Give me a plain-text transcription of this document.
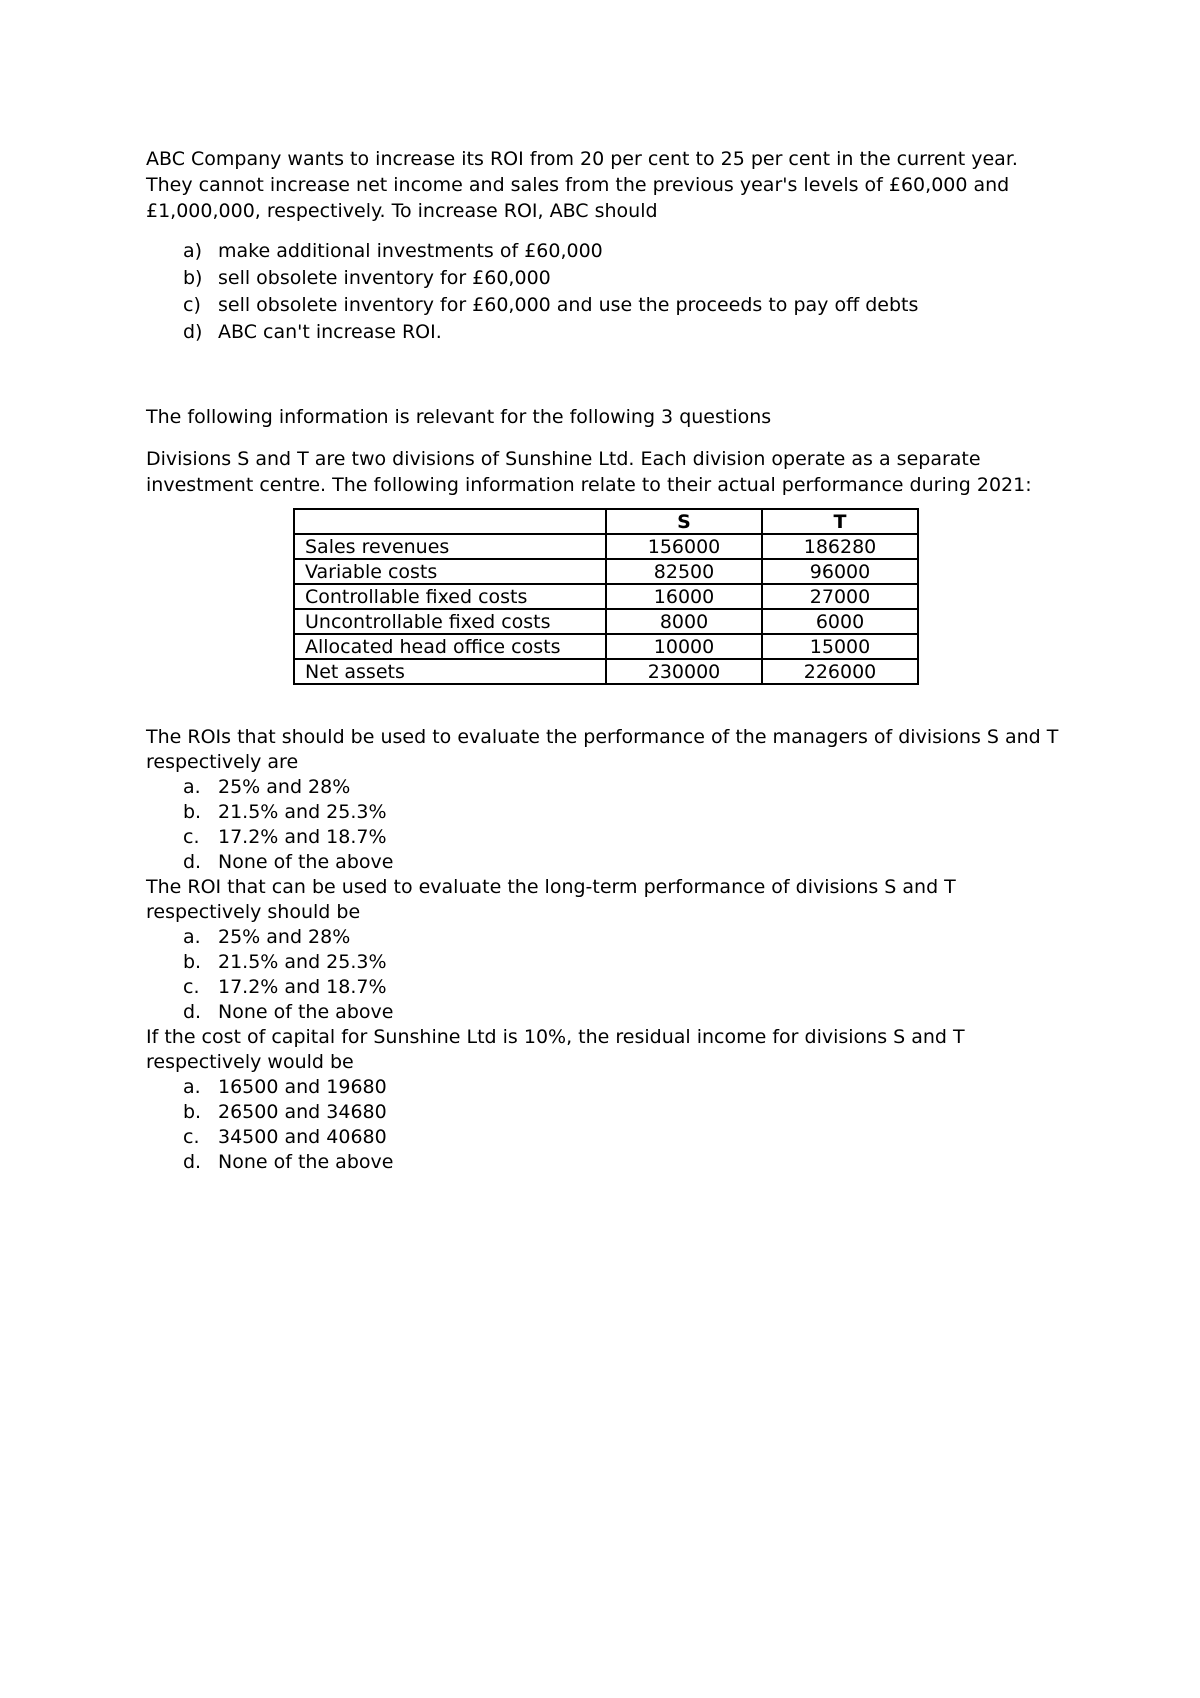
ABC Company wants to increase its ROI from 20 per cent to 25 per cent in the current year. They cannot increase net income and sales from the previous year's levels of £60,000 and £1,000,000, respectively. To increase ROI, ABC should

a) make additional investments of £60,000
b) sell obsolete inventory for £60,000
c) sell obsolete inventory for £60,000 and use the proceeds to pay off debts
d) ABC can't increase ROI.

The following information is relevant for the following 3 questions

Divisions S and T are two divisions of Sunshine Ltd. Each division operate as a separate investment centre. The following information relate to their actual performance during 2021:

	S	T
Sales revenues	156000	186280
Variable costs	82500	96000
Controllable fixed costs	16000	27000
Uncontrollable fixed costs	8000	6000
Allocated head office costs	10000	15000
Net assets	230000	226000

The ROIs that should be used to evaluate the performance of the managers of divisions S and T respectively are

a. 25% and 28%
b. 21.5% and 25.3%
c. 17.2% and 18.7%
d. None of the above

The ROI that can be used to evaluate the long-term performance of divisions S and T respectively should be

a. 25% and 28%
b. 21.5% and 25.3%
c. 17.2% and 18.7%
d. None of the above

If the cost of capital for Sunshine Ltd is 10%, the residual income for divisions S and T respectively would be

a. 16500 and 19680
b. 26500 and 34680
c. 34500 and 40680
d. None of the above
